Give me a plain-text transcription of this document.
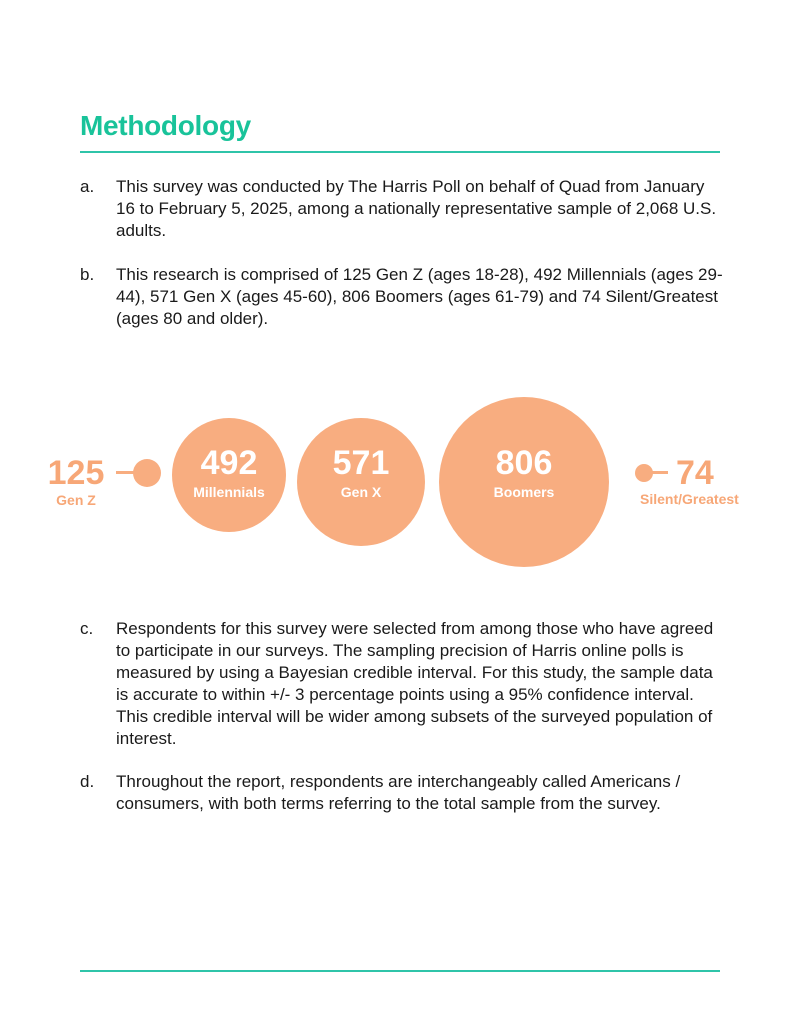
Methodology
a. This survey was conducted by The Harris Poll on behalf of Quad from January 16 to February 5, 2025, among a nationally representative sample of 2,068 U.S. adults.
b. This research is comprised of 125 Gen Z (ages 18-28), 492 Millennials (ages 29-44), 571 Gen X (ages 45-60), 806 Boomers (ages 61-79) and 74 Silent/Greatest (ages 80 and older).
125
Gen Z
492
Millennials
571
Gen X
806
Boomers	74
Silent/Greatest
c. Respondents for this survey were selected from among those who have agreed to participate in our surveys. The sampling precision of Harris online polls is measured by using a Bayesian credible interval. For this study, the sample data is accurate to within +/- 3 percentage points using a 95% confidence interval. This credible interval will be wider among subsets of the surveyed population of interest.
d. Throughout the report, respondents are interchangeably called Americans / consumers, with both terms referring to the total sample from the survey.
